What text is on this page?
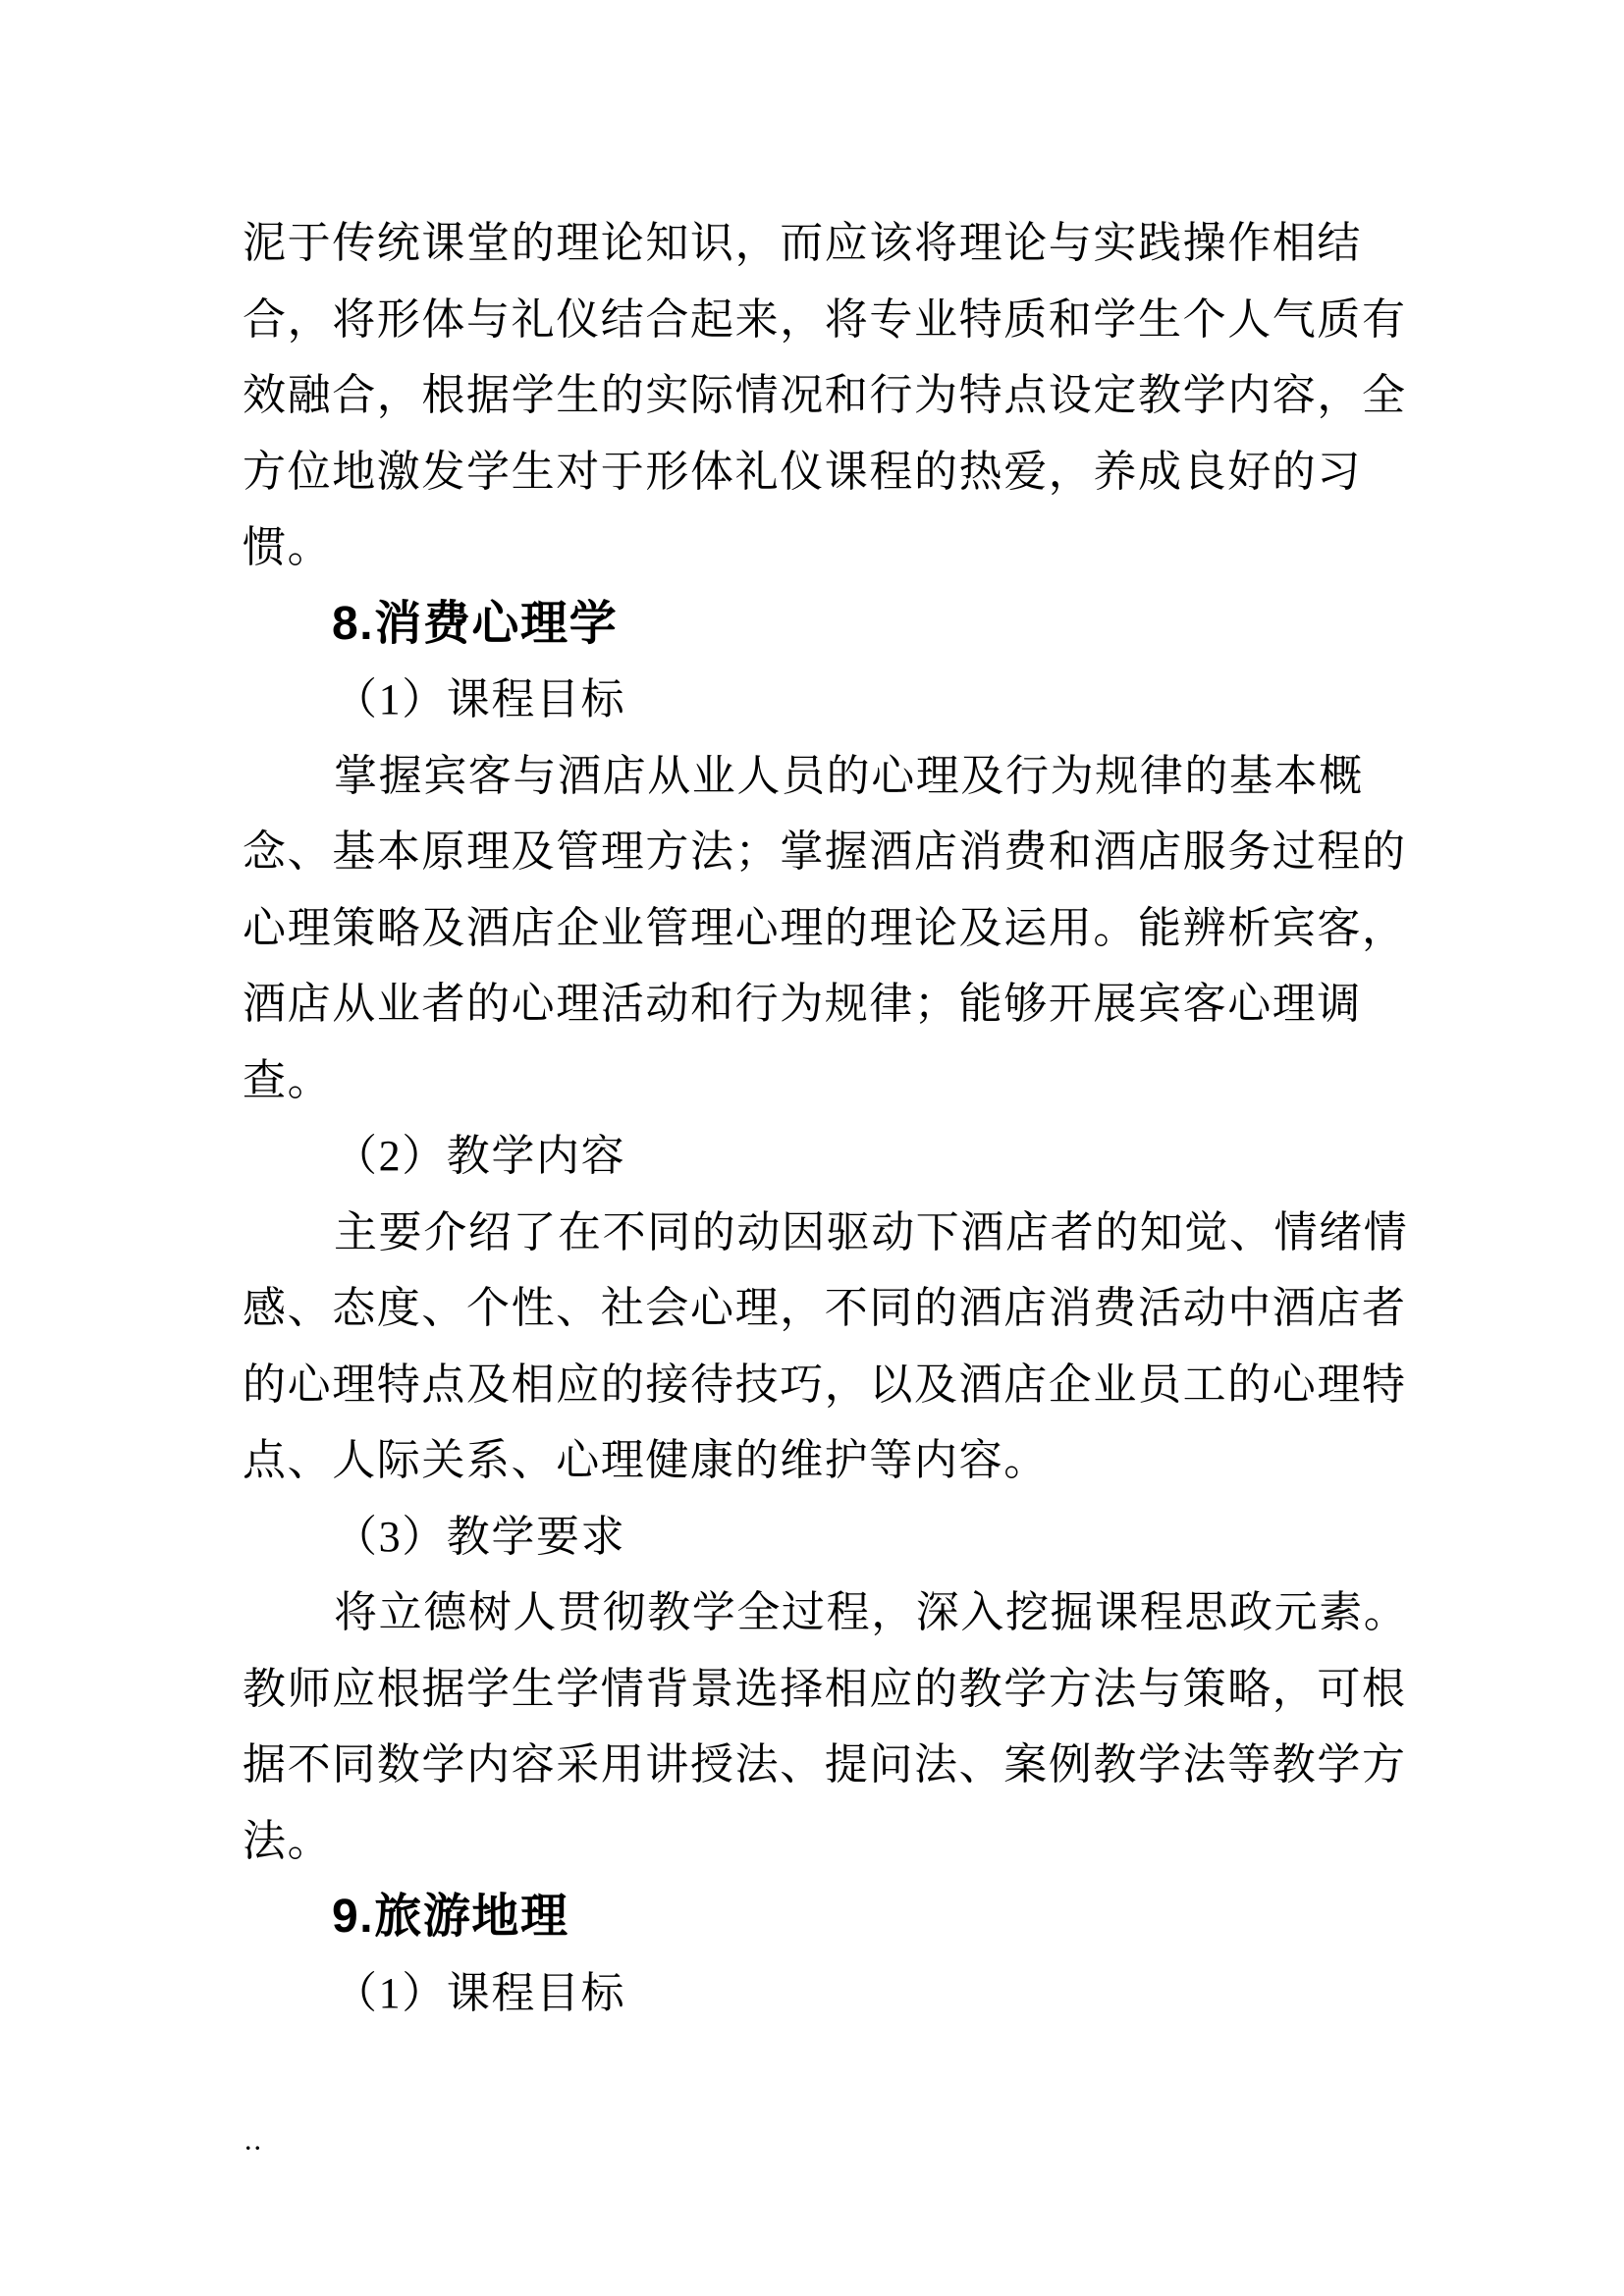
泥于传统课堂的理论知识，而应该将理论与实践操作相结
合，将形体与礼仪结合起来，将专业特质和学生个人气质有
效融合，根据学生的实际情况和行为特点设定教学内容，全
方位地激发学生对于形体礼仪课程的热爱，养成良好的习
惯。
8.消费心理学
（1）课程目标
掌握宾客与酒店从业人员的心理及行为规律的基本概
念、基本原理及管理方法；掌握酒店消费和酒店服务过程的
心理策略及酒店企业管理心理的理论及运用。能辨析宾客，
酒店从业者的心理活动和行为规律；能够开展宾客心理调
查。
（2）教学内容
主要介绍了在不同的动因驱动下酒店者的知觉、情绪情
感、态度、个性、社会心理，不同的酒店消费活动中酒店者
的心理特点及相应的接待技巧，以及酒店企业员工的心理特
点、人际关系、心理健康的维护等内容。
（3）教学要求
将立德树人贯彻教学全过程，深入挖掘课程思政元素。
教师应根据学生学情背景选择相应的教学方法与策略，可根
据不同数学内容采用讲授法、提问法、案例教学法等教学方
法。
9.旅游地理
（1）课程目标
..
